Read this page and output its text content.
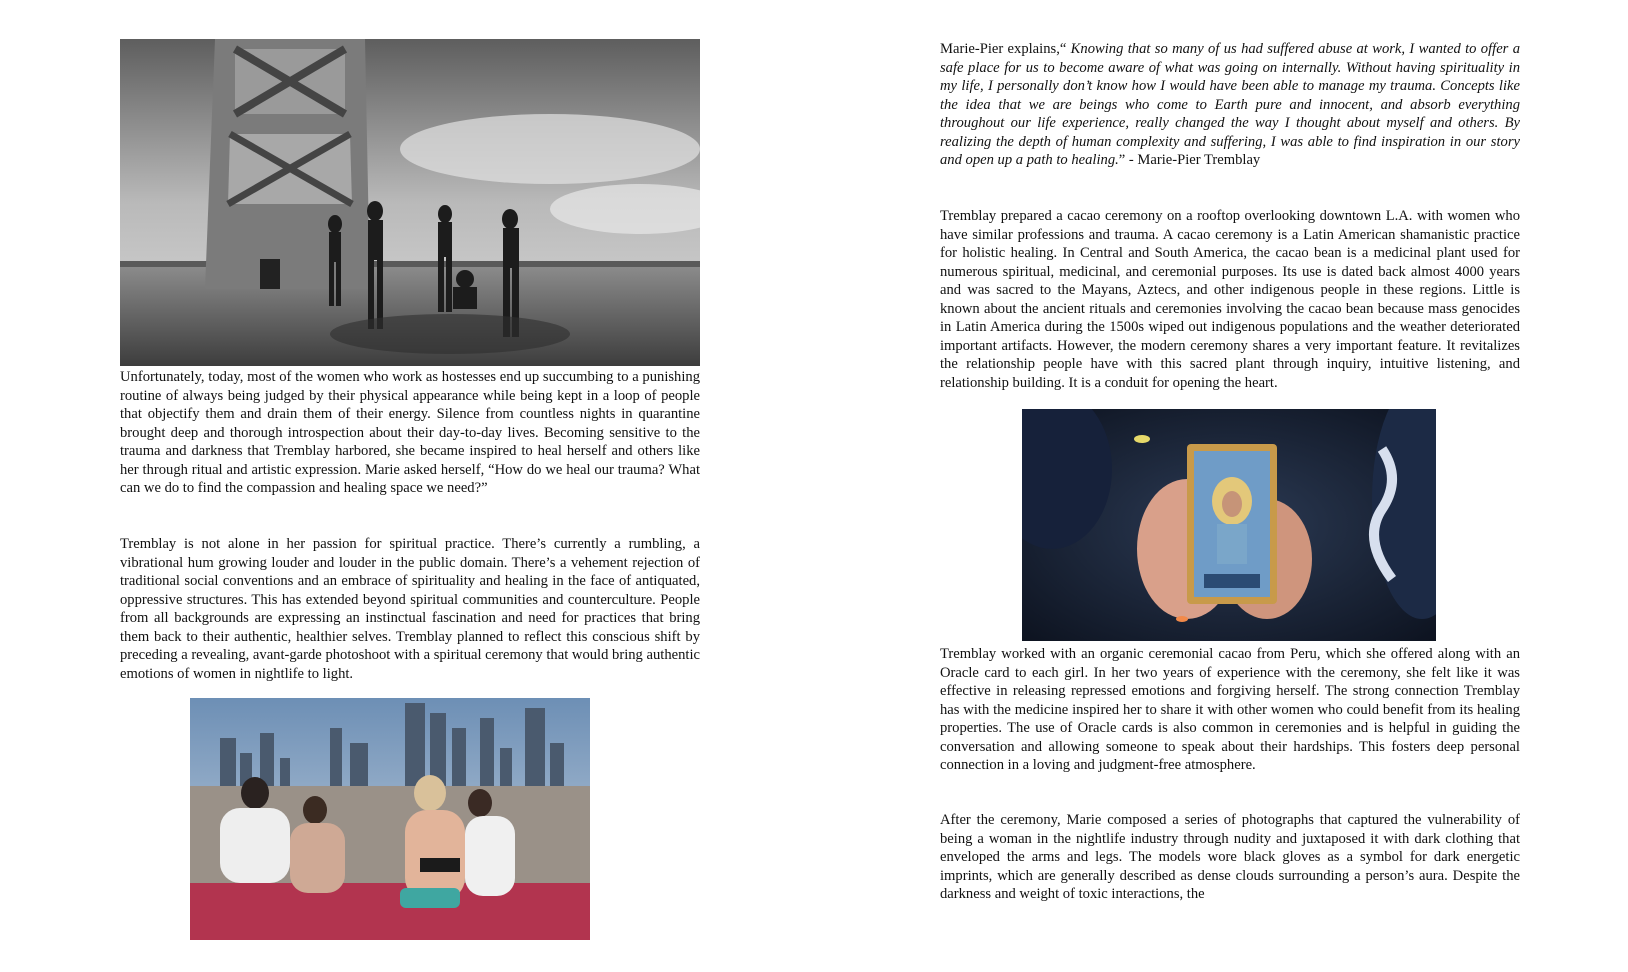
Unfortunately, today, most of the women who work as hostesses end up succumbing to a punishing routine of always being judged by their physical appearance while being kept in a loop of people that objectify them and drain them of their energy. Silence from countless nights in quarantine brought deep and thorough introspection about their day-to-day lives. Becoming sensitive to the trauma and darkness that Tremblay harbored, she became inspired to heal herself and others like her through ritual and artistic expression. Marie asked herself, “How do we heal our trauma? What can we do to find the compassion and healing space we need?”

Tremblay is not alone in her passion for spiritual practice. There’s currently a rumbling, a vibrational hum growing louder and louder in the public domain. There’s a vehement rejection of traditional social conventions and an embrace of spirituality and healing in the face of antiquated, oppressive structures. This has extended beyond spiritual communities and counterculture. People from all backgrounds are expressing an instinctual fascination and need for practices that bring them back to their authentic, healthier selves. Tremblay planned to reflect this conscious shift by preceding a revealing, avant-garde photoshoot with a spiritual ceremony that would bring authentic emotions of women in nightlife to light.

Marie-Pier explains,“ Knowing that so many of us had suffered abuse at work, I wanted to offer a safe place for us to become aware of what was going on internally. Without having spirituality in my life, I personally don’t know how I would have been able to manage my trauma. Concepts like the idea that we are beings who come to Earth pure and innocent, and absorb everything throughout our life experience, really changed the way I thought about myself and others. By realizing the depth of human complexity and suffering, I was able to find inspiration in our story and open up a path to healing.” - Marie-Pier Tremblay

Tremblay prepared a cacao ceremony on a rooftop overlooking downtown L.A. with women who have similar professions and trauma. A cacao ceremony is a Latin American shamanistic practice for holistic healing. In Central and South America, the cacao bean is a medicinal plant used for numerous spiritual, medicinal, and ceremonial purposes. Its use is dated back almost 4000 years and was sacred to the Mayans, Aztecs, and other indigenous people in these regions. Little is known about the ancient rituals and ceremonies involving the cacao bean because mass genocides in Latin America during the 1500s wiped out indigenous populations and the weather deteriorated important artifacts. However, the modern ceremony shares a very important feature. It revitalizes the relationship people have with this sacred plant through inquiry, intuitive listening, and relationship building. It is a conduit for opening the heart.

Tremblay worked with an organic ceremonial cacao from Peru, which she offered along with an Oracle card to each girl. In her two years of experience with the ceremony, she felt like it was effective in releasing repressed emotions and forgiving herself. The strong connection Tremblay has with the medicine inspired her to share it with other women who could benefit from its healing properties. The use of Oracle cards is also common in ceremonies and is helpful in guiding the conversation and allowing someone to speak about their hardships. This fosters deep personal connection in a loving and judgment-free atmosphere.

After the ceremony, Marie composed a series of photographs that captured the vulnerability of being a woman in the nightlife industry through nudity and juxtaposed it with dark clothing that enveloped the arms and legs. The models wore black gloves as a symbol for dark energetic imprints, which are generally described as dense clouds surrounding a person’s aura. Despite the darkness and weight of toxic interactions, the
